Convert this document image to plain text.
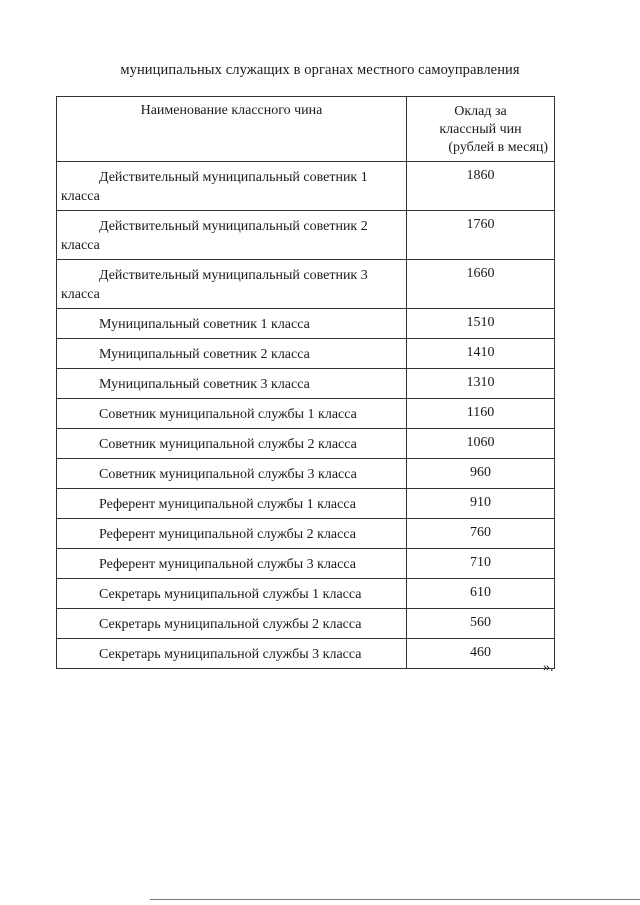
муниципальных служащих в органах местного самоуправления
Наименование классного чина	Оклад за
классный чин
(рублей в месяц)

Действительный муниципальный советник 1 класса	1860
Действительный муниципальный советник 2 класса	1760
Действительный муниципальный советник 3 класса	1660
Муниципальный советник 1 класса	1510
Муниципальный советник 2 класса	1410
Муниципальный советник 3 класса	1310
Советник муниципальной службы 1 класса	1160
Советник муниципальной службы 2 класса	1060
Советник муниципальной службы 3 класса	960
Референт муниципальной службы 1 класса	910
Референт муниципальной службы 2 класса	760
Референт муниципальной службы 3 класса	710
Секретарь муниципальной службы 1 класса	610
Секретарь муниципальной службы 2 класса	560
Секретарь муниципальной службы 3 класса	460
».
